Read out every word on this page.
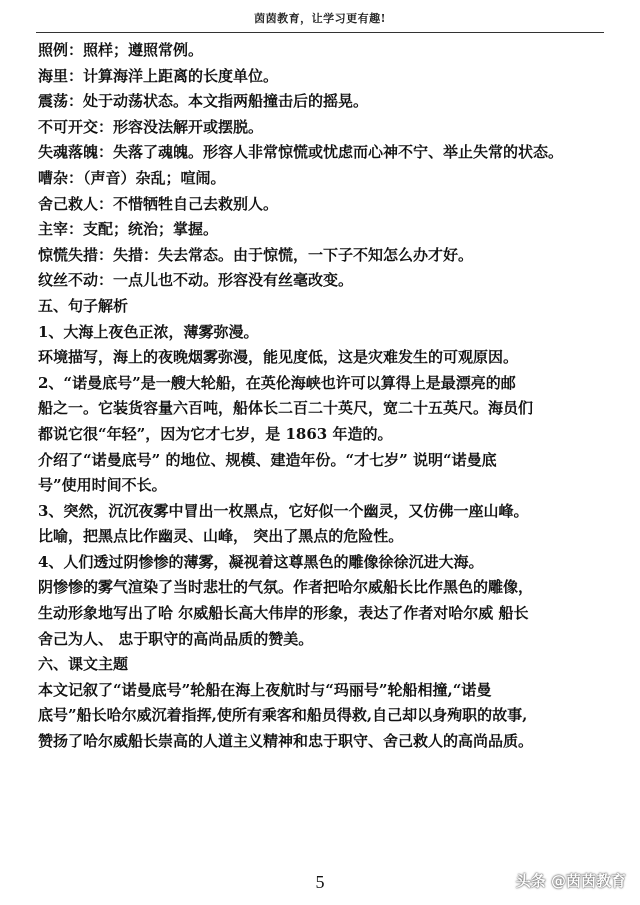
茵茵教育，让学习更有趣!
照例：照样；遵照常例。
海里：计算海洋上距离的长度单位。
震荡：处于动荡状态。本文指两船撞击后的摇晃。
不可开交：形容没法解开或摆脱。
失魂落魄：失落了魂魄。形容人非常惊慌或忧虑而心神不宁、举止失常的状态。
嘈杂：（声音）杂乱；喧闹。
舍己救人：不惜牺牲自己去救别人。
主宰：支配；统治；掌握。
惊慌失措：失措：失去常态。由于惊慌，一下子不知怎么办才好。
纹丝不动：一点儿也不动。形容没有丝毫改变。
五、句子解析
1、大海上夜色正浓，薄雾弥漫。
环境描写，海上的夜晚烟雾弥漫，能见度低，这是灾难发生的可观原因。
2、“诺曼底号”是一艘大轮船，在英伦海峡也许可以算得上是最漂亮的邮
船之一。它装货容量六百吨，船体长二百二十英尺，宽二十五英尺。海员们
都说它很“年轻”，因为它才七岁，是 1863 年造的。
介绍了“诺曼底号” 的地位、规模、建造年份。“才七岁” 说明“诺曼底
号”使用时间不长。
3、突然，沉沉夜雾中冒出一枚黑点，它好似一个幽灵，又仿佛一座山峰。
比喻，把黑点比作幽灵、山峰， 突出了黑点的危险性。
4、人们透过阴惨惨的薄雾，凝视着这尊黑色的雕像徐徐沉进大海。
阴惨惨的雾气渲染了当时悲壮的气氛。作者把哈尔威船长比作黑色的雕像，
生动形象地写出了哈 尔威船长高大伟岸的形象，表达了作者对哈尔威 船长
舍己为人、 忠于职守的高尚品质的赞美。
六、课文主题
本文记叙了“诺曼底号”轮船在海上夜航时与“玛丽号”轮船相撞,“诺曼
底号”船长哈尔威沉着指挥,使所有乘客和船员得救,自己却以身殉职的故事,
赞扬了哈尔威船长崇高的人道主义精神和忠于职守、舍己救人的高尚品质。
5	头条 @茵茵教育
